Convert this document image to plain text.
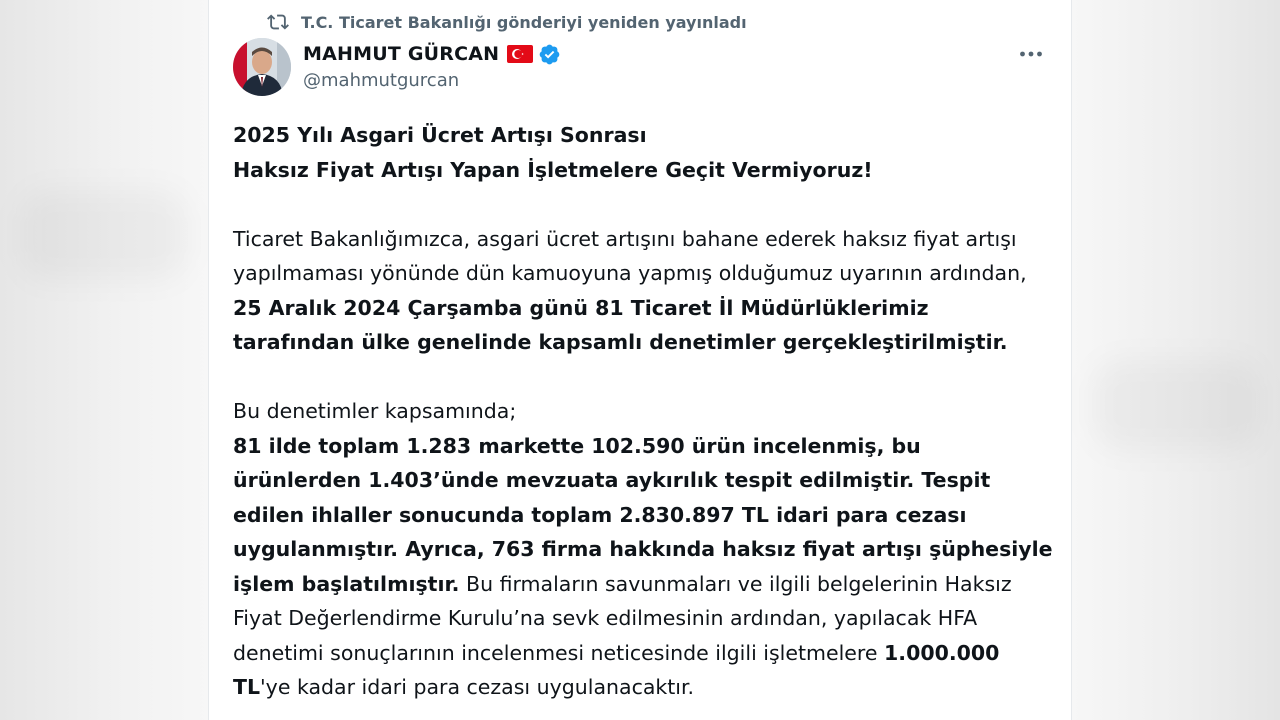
T.C. Ticaret Bakanlığı gönderiyi yeniden yayınladı
MAHMUT GÜRCAN
@mahmutgurcan

2025 Yılı Asgari Ücret Artışı Sonrası

Haksız Fiyat Artışı Yapan İşletmelere Geçit Vermiyoruz!

Ticaret Bakanlığımızca, asgari ücret artışını bahane ederek haksız fiyat artışı yapılmaması yönünde dün kamuoyuna yapmış olduğumuz uyarının ardından, 25 Aralık 2024 Çarşamba günü 81 Ticaret İl Müdürlüklerimiz tarafından ülke genelinde kapsamlı denetimler gerçekleştirilmiştir.

Bu denetimler kapsamında;

81 ilde toplam 1.283 markette 102.590 ürün incelenmiş, bu ürünlerden 1.403’ünde mevzuata aykırılık tespit edilmiştir. Tespit edilen ihlaller sonucunda toplam 2.830.897 TL idari para cezası uygulanmıştır. Ayrıca, 763 firma hakkında haksız fiyat artışı şüphesiyle işlem başlatılmıştır. Bu firmaların savunmaları ve ilgili belgelerinin Haksız Fiyat Değerlendirme Kurulu’na sevk edilmesinin ardından, yapılacak HFA denetimi sonuçlarının incelenmesi neticesinde ilgili işletmelere 1.000.000 TL'ye kadar idari para cezası uygulanacaktır.
